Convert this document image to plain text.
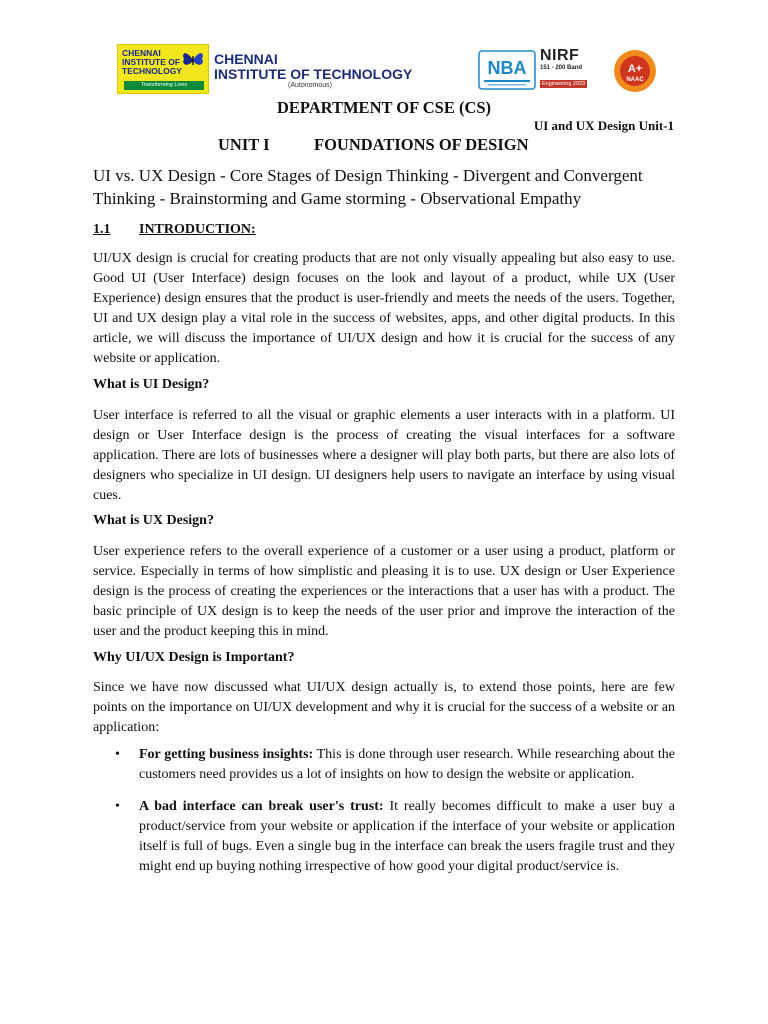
CHENNAI
INSTITUTE OF
TECHNOLOGY
Transforming Lives
CHENNAI
INSTITUTE OF TECHNOLOGY
(Autonomous)
NBA
NIRF
151 - 200 Band
Engineering 2023
A+
NAAC
DEPARTMENT OF CSE (CS)
UI and UX Design Unit-1
UNIT I	FOUNDATIONS OF DESIGN
UI vs. UX Design - Core Stages of Design Thinking - Divergent and Convergent Thinking - Brainstorming and Game storming - Observational Empathy
1.1 INTRODUCTION:

UI/UX design is crucial for creating products that are not only visually appealing but also easy to use. Good UI (User Interface) design focuses on the look and layout of a product, while UX (User Experience) design ensures that the product is user-friendly and meets the needs of the users. Together, UI and UX design play a vital role in the success of websites, apps, and other digital products. In this article, we will discuss the importance of UI/UX design and how it is crucial for the success of any website or application.

What is UI Design?

User interface is referred to all the visual or graphic elements a user interacts with in a platform. UI design or User Interface design is the process of creating the visual interfaces for a software application. There are lots of businesses where a designer will play both parts, but there are also lots of designers who specialize in UI design. UI designers help users to navigate an interface by using visual cues.

What is UX Design?

User experience refers to the overall experience of a customer or a user using a product, platform or service. Especially in terms of how simplistic and pleasing it is to use. UX design or User Experience design is the process of creating the experiences or the interactions that a user has with a product. The basic principle of UX design is to keep the needs of the user prior and improve the interaction of the user and the product keeping this in mind.

Why UI/UX Design is Important?

Since we have now discussed what UI/UX design actually is, to extend those points, here are few points on the importance on UI/UX development and why it is crucial for the success of a website or an application:

• For getting business insights: This is done through user research. While researching about the customers need provides us a lot of insights on how to design the website or application.
• A bad interface can break user's trust: It really becomes difficult to make a user buy a product/service from your website or application if the interface of your website or application itself is full of bugs. Even a single bug in the interface can break the users fragile trust and they might end up buying nothing irrespective of how good your digital product/service is.
